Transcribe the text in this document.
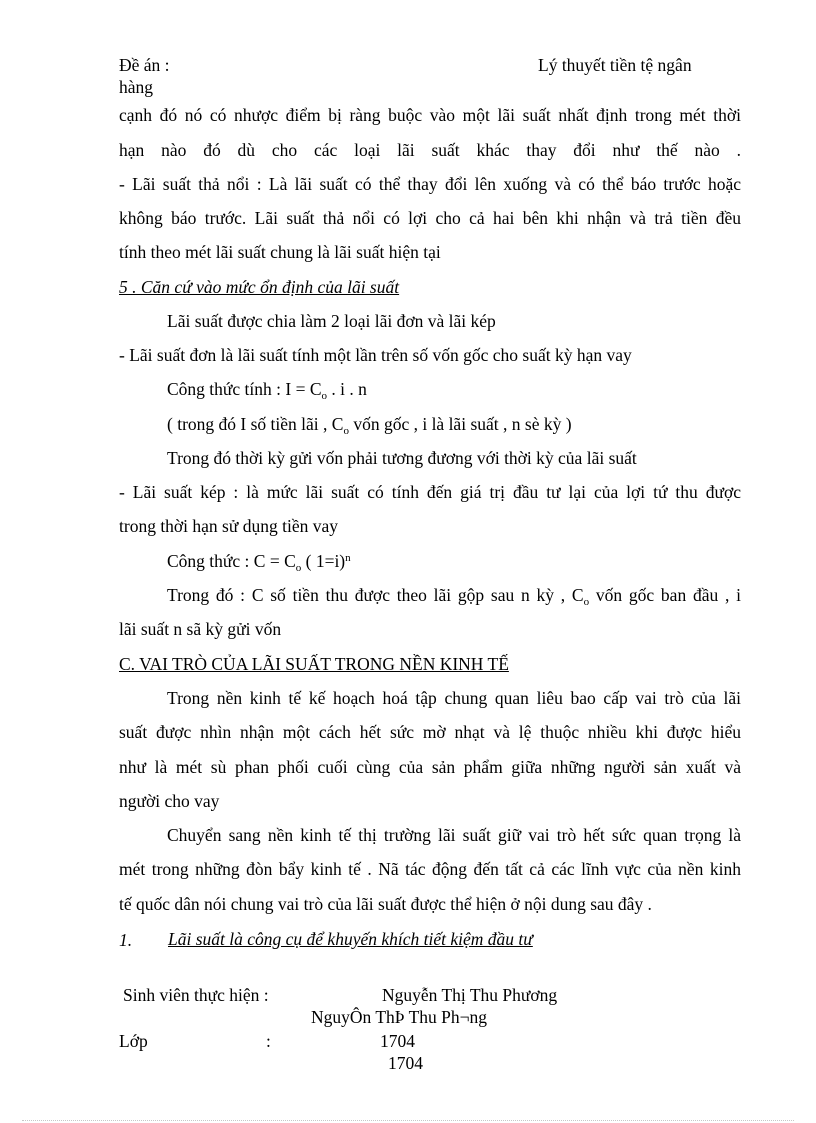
Đề án :	Lý thuyết tiền tệ ngân
hàng
cạnh đó nó có nhược điểm bị ràng buộc vào một lãi suất nhất định trong mét thời
hạn nào đó dù cho các loại lãi suất khác thay đổi như thế nào .
- Lãi suất thả nổi : Là lãi suất có thể thay đổi lên xuống và có thể báo trước hoặc
không báo trước. Lãi suất thả nổi có lợi cho cả hai bên khi nhận và trả tiền đều
tính theo mét lãi suất chung là lãi suất hiện tại
5 . Căn cứ vào mức ổn định của lãi suất
Lãi suất được chia làm 2 loại lãi đơn và lãi kép
- Lãi suất đơn là lãi suất tính một lần trên số vốn gốc cho suất kỳ hạn vay
Công thức tính : $I = C_o$ . i . n
( trong đó I số tiền lãi , $C_o$ vốn gốc , i là lãi suất , n sè kỳ )
Trong đó thời kỳ gửi vốn phải tương đương với thời kỳ của lãi suất
- Lãi suất kép : là mức lãi suất có tính đến giá trị đầu tư lại của lợi tứ thu được
trong thời hạn sử dụng tiền vay
Công thức : $C = C_o$ ( 1=i)$^n$
Trong đó : C số tiền thu được theo lãi gộp sau n kỳ , $C_o$ vốn gốc ban đầu , i
lãi suất n sã kỳ gửi vốn
C. VAI TRÒ CỦA LÃI SUẤT TRONG NỀN KINH TẾ
Trong nền kinh tế kế hoạch hoá tập chung quan liêu bao cấp vai trò của lãi
suất được nhìn nhận một cách hết sức mờ nhạt và lệ thuộc nhiều khi được hiểu
như là mét sù phan phối cuối cùng của sản phẩm giữa những người sản xuất và
người cho vay
Chuyển sang nền kinh tế thị trường lãi suất giữ vai trò hết sức quan trọng là
mét trong những đòn bẩy kinh tế . Nã tác động đến tất cả các lĩnh vực của nền kinh
tế quốc dân nói chung vai trò của lãi suất được thể hiện ở nội dung sau đây .
1. Lãi suất là công cụ để khuyến khích tiết kiệm đầu tư
Sinh viên thực hiện :	Nguyễn Thị Thu Phương
NguyÔn ThÞ Thu Ph¬ng
Lớp	:	1704
1704
